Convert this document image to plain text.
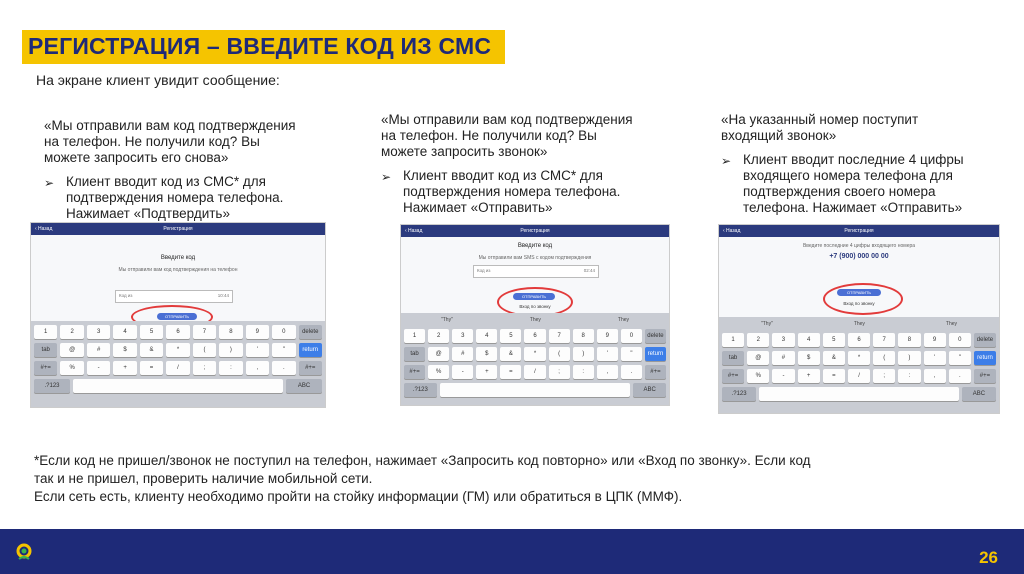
РЕГИСТРАЦИЯ – ВВЕДИТЕ КОД ИЗ СМС
На экране клиент увидит сообщение:
«Мы отправили вам код подтверждения
на телефон. Не получили код? Вы
можете запросить его снова»
➢ Клиент вводит код из СМС* для
подтверждения номера телефона.
Нажимает «Подтвердить»
«Мы отправили вам код подтверждения
на телефон. Не получили код? Вы
можете запросить звонок»
➢ Клиент вводит код из СМС* для
подтверждения номера телефона.
Нажимает «Отправить»
«На указанный номер поступит
входящий звонок»
➢ Клиент вводит последние 4 цифры
входящего номера телефона для
подтверждения своего номера
телефона. Нажимает «Отправить»
‹ Назад	Регистрация
Введите код
Мы отправили вам код подтверждения на телефон
Код из	10:44
ОТПРАВИТЬ
1	2	3	4	5	6	7	8	9	0	delete
tab	@	#	$	&	*	(	)	'	"	return
#+=	%	-	+	=	/	;	:	,	.	#+=
.?123	ABC
‹ Назад	Регистрация
Введите код
Мы отправили вам SMS с кодом подтверждения
Код из	02:44
ОТПРАВИТЬ
Вход по звонку
"Тhу"	Тhey	Тhey
1	2	3	4	5	6	7	8	9	0	delete
tab	@	#	$	&	*	(	)	'	"	return
#+=	%	-	+	=	/	;	:	,	.	#+=
.?123	ABC
‹ Назад	Регистрация
Введите последние 4 цифры входящего номера
+7 (900) 000 00 00
ОТПРАВИТЬ
Вход по звонку
"Тhу"	Тhey	Тhey
1	2	3	4	5	6	7	8	9	0	delete
tab	@	#	$	&	*	(	)	'	"	return
#+=	%	-	+	=	/	;	:	,	.	#+=
.?123	ABC
*Если код не пришел/звонок не поступил на телефон, нажимает «Запросить код повторно» или «Вход по звонку». Если код
так и не пришел, проверить наличие мобильной сети.
Если сеть есть, клиенту необходимо пройти на стойку информации (ГМ) или обратиться в ЦПК (ММФ).
26
